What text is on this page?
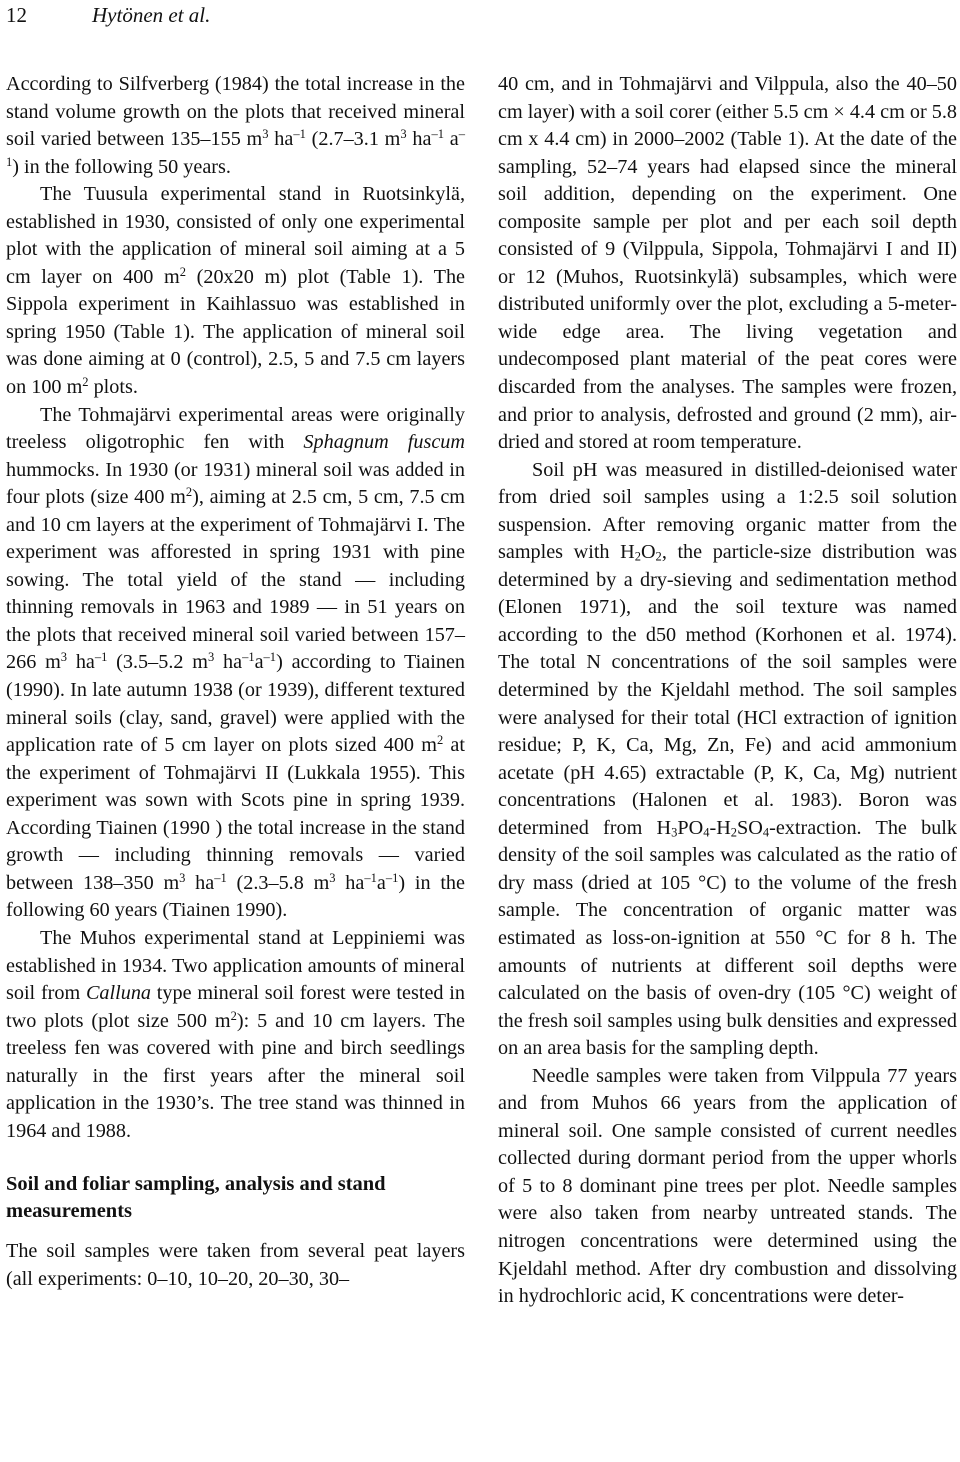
12	Hytönen et al.

According to Silfverberg (1984) the total increase in the stand volume growth on the plots that received mineral soil varied between 135–155 $m^3$ $ha^{-1}$ (2.7–3.1 $m^3$ $ha^{-1}$ $a^{-1}$) in the following 50 years.

The Tuusula experimental stand in Ruotsinkylä, established in 1930, consisted of only one experimental plot with the application of mineral soil aiming at a 5 cm layer on 400 $m^2$ (20x20 m) plot (Table 1). The Sippola experiment in Kaihlassuo was established in spring 1950 (Table 1). The application of mineral soil was done aiming at 0 (control), 2.5, 5 and 7.5 cm layers on 100 $m^2$ plots.

The Tohmajärvi experimental areas were originally treeless oligotrophic fen with Sphagnum fuscum hummocks. In 1930 (or 1931) mineral soil was added in four plots (size 400 $m^2$), aiming at 2.5 cm, 5 cm, 7.5 cm and 10 cm layers at the experiment of Tohmajärvi I. The experiment was afforested in spring 1931 with pine sowing. The total yield of the stand — including thinning removals in 1963 and 1989 — in 51 years on the plots that received mineral soil varied between 157–266 $m^3$ $ha^{-1}$ (3.5–5.2 $m^3$ $ha^{-1}a^{-1}$) according to Tiainen (1990). In late autumn 1938 (or 1939), different textured mineral soils (clay, sand, gravel) were applied with the application rate of 5 cm layer on plots sized 400 $m^2$ at the experiment of Tohmajärvi II (Lukkala 1955). This experiment was sown with Scots pine in spring 1939. According Tiainen (1990 ) the total increase in the stand growth — including thinning removals — varied between 138–350 $m^3$ $ha^{-1}$ (2.3–5.8 $m^3$ $ha^{-1}a^{-1}$) in the following 60 years (Tiainen 1990).

The Muhos experimental stand at Leppiniemi was established in 1934. Two application amounts of mineral soil from Calluna type mineral soil forest were tested in two plots (plot size 500 $m^2$): 5 and 10 cm layers. The treeless fen was covered with pine and birch seedlings naturally in the first years after the mineral soil application in the 1930’s. The tree stand was thinned in 1964 and 1988.

Soil and foliar sampling, analysis and stand measurements

The soil samples were taken from several peat layers (all experiments: 0–10, 10–20, 20–30, 30–

40 cm, and in Tohmajärvi and Vilppula, also the 40–50 cm layer) with a soil corer (either 5.5 cm × 4.4 cm or 5.8 cm x 4.4 cm) in 2000–2002 (Table 1). At the date of the sampling, 52–74 years had elapsed since the mineral soil addition, depending on the experiment. One composite sample per plot and per each soil depth consisted of 9 (Vilppula, Sippola, Tohmajärvi I and II) or 12 (Muhos, Ruotsinkylä) subsamples, which were distributed uniformly over the plot, excluding a 5-meter-wide edge area. The living vegetation and undecomposed plant material of the peat cores were discarded from the analyses. The samples were frozen, and prior to analysis, defrosted and ground (2 mm), air-dried and stored at room temperature.

Soil pH was measured in distilled-deionised water from dried soil samples using a 1:2.5 soil solution suspension. After removing organic matter from the samples with $H_2O_2$, the particle-size distribution was determined by a dry-sieving and sedimentation method (Elonen 1971), and the soil texture was named according to the d50 method (Korhonen et al. 1974). The total N concentrations of the soil samples were determined by the Kjeldahl method. The soil samples were analysed for their total (HCl extraction of ignition residue; P, K, Ca, Mg, Zn, Fe) and acid ammonium acetate (pH 4.65) extractable (P, K, Ca, Mg) nutrient concentrations (Halonen et al. 1983). Boron was determined from $H_3PO_4-H_2SO_4$-extraction. The bulk density of the soil samples was calculated as the ratio of dry mass (dried at 105 °C) to the volume of the fresh sample. The concentration of organic matter was estimated as loss-on-ignition at 550 °C for 8 h. The amounts of nutrients at different soil depths were calculated on the basis of oven-dry (105 °C) weight of the fresh soil samples using bulk densities and expressed on an area basis for the sampling depth.

Needle samples were taken from Vilppula 77 years and from Muhos 66 years from the application of mineral soil. One sample consisted of current needles collected during dormant period from the upper whorls of 5 to 8 dominant pine trees per plot. Needle samples were also taken from nearby untreated stands. The nitrogen concentrations were determined using the Kjeldahl method. After dry combustion and dissolving in hydrochloric acid, K concentrations were deter-
